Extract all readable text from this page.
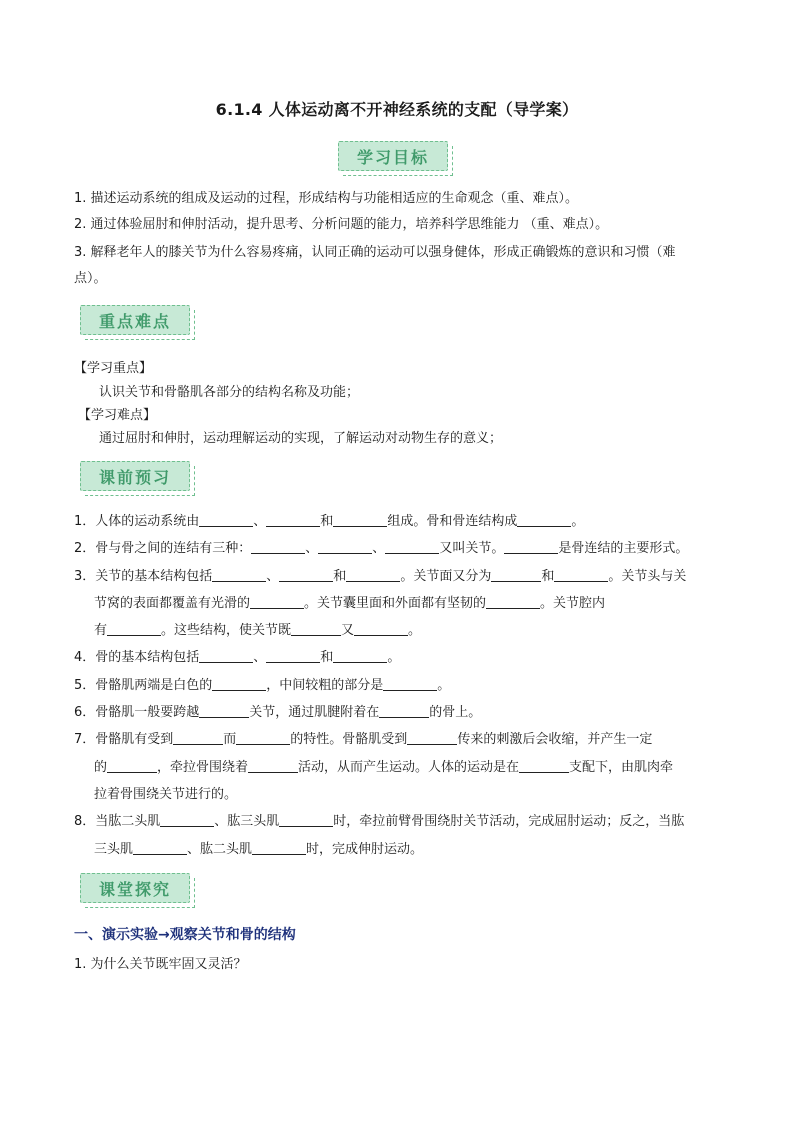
6.1.4 人体运动离不开神经系统的支配（导学案）
学习目标
1. 描述运动系统的组成及运动的过程，形成结构与功能相适应的生命观念（重、难点）。
2. 通过体验屈肘和伸肘活动，提升思考、分析问题的能力，培养科学思维能力 （重、难点）。
3. 解释老年人的膝关节为什么容易疼痛，认同正确的运动可以强身健体，形成正确锻炼的意识和习惯（难
点）。
重点难点
【学习重点】
认识关节和骨骼肌各部分的结构名称及功能；
【学习难点】
通过屈肘和伸肘，运动理解运动的实现，了解运动对动物生存的意义；
课前预习
1．人体的运动系统由	、	和	组成。骨和骨连结构成	。
2．骨与骨之间的连结有三种：	、	、	又叫关节。	是骨连结的主要形式。
3．关节的基本结构包括	、	和	。关节面又分为	和	。关节头与关
节窝的表面都覆盖有光滑的	。关节囊里面和外面都有坚韧的	。关节腔内
有	。这些结构，使关节既	又	。
4．骨的基本结构包括	、	和	。
5．骨骼肌两端是白色的	，中间较粗的部分是	。
6．骨骼肌一般要跨越	关节，通过肌腱附着在	的骨上。
7．骨骼肌有受到	而	的特性。骨骼肌受到	传来的刺激后会收缩，并产生一定
的	，牵拉骨围绕着	活动，从而产生运动。人体的运动是在	支配下，由肌肉牵
拉着骨围绕关节进行的。
8．当肱二头肌	、肱三头肌	时，牵拉前臂骨围绕肘关节活动，完成屈肘运动；反之，当肱
三头肌	、肱二头肌	时，完成伸肘运动。
课堂探究
一、演示实验→观察关节和骨的结构
1. 为什么关节既牢固又灵活？
